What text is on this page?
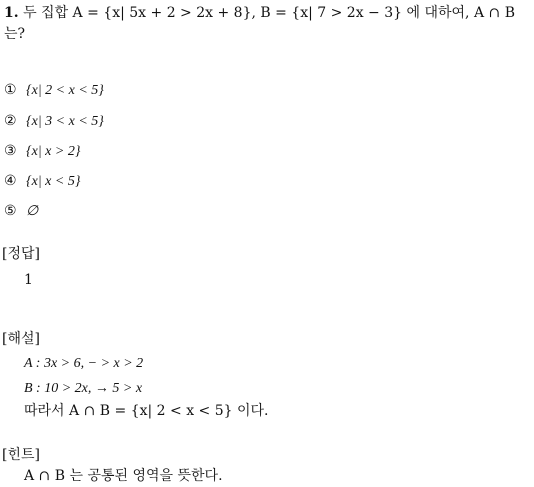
1. 두 집합 A = {x| 5x + 2 > 2x + 8}, B = {x| 7 > 2x − 3} 에 대하여, A ∩ B
는?
① {x| 2 < x < 5}
② {x| 3 < x < 5}
③ {x| x > 2}
④ {x| x < 5}
⑤ ∅
[정답]
1
[해설]
A : 3x > 6, − > x > 2
B : 10 > 2x, → 5 > x
따라서 A ∩ B = {x| 2 < x < 5} 이다.
[힌트]
A ∩ B 는 공통된 영역을 뜻한다.
